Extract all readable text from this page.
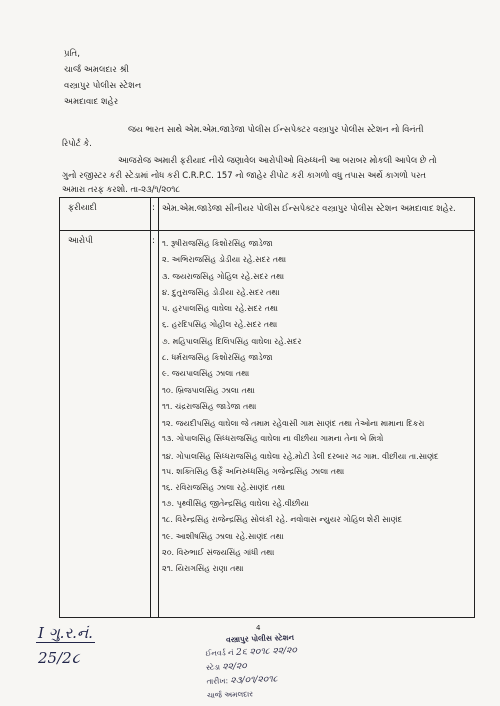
પ્રતિ,
ચાર્જ અમલદાર શ્રી
વસ્ત્રાપુર પોલીસ સ્ટેશન
અમદાવાદ શહેર
જય ભારત સાથે એમ.એમ.જાડેજા પોલીસ ઈન્સપેક્ટર વસ્ત્રાપુર પોલીસ સ્ટેશન નો વિનંતી
રિપોર્ટ કે.
આજરોજ અમારી ફરીયાદ નીચે જણાવેલ આરોપીઓ વિરુધ્ધની આ બરાબર મોકલી આપેલ છે તો
ગુનો રજીસ્ટર કરી સ્ટેડામાં નોધ કરી C.R.P.C. 157 નો જાહેર રીપોટ કરી કાગળો વધુ તપાસ અર્થે કાગળો પરત
અમારા તરફ કરશો. તા-૨૩/૧/૨૦૧૮
ફરીયાદી	: એમ.એમ.જાડેજા સીનીયર પોલીસ ઈન્સપેક્ટર વસ્ત્રાપુર પોલીસ સ્ટેશન અમદાવાદ શહેર.
આરોપી	: ૧. રૂષીરાજસિંહ કિશોરસિંહ જાડેજા
૨. અભિરાજસિંહ ડોડીયા રહે.સદર તથા
૩. જયરાજસિંહ ગોહિલ રહે.સદર તથા
૪. દુતુરાજસિંહ ડોડીયા રહે.સદર તથા
૫. હરપાલસિંહ વાઘેલા રહે.સદર તથા
૬. હરદિપસિંહ ગોહીલ રહે.સદર તથા
૭. મહિપાલસિંહ દિલિપસિંહ વાઘેલા રહે.સદર
૮. ધર્મરાજસિંહ કિશોરસિંહ જાડેજા
૯. જયપાલસિંહ ઝાલા તથા
૧૦. બ્રિજપાલસિંહ ઝાલા તથા
૧૧. ચંદ્રરાજસિંહ જાડેજા તથા
૧૨. જયદીપસિંહ વાઘેલા જે તમામ રહેવાસી ગામ સાણંદ તથા તેઓના મામાના દિકરા
૧૩. ગોપાલસિંહ સિધ્ધરાજસિંહ વાઘેલા ના વીછીયા ગામના તેના બે મિત્રો
૧૪. ગોપાલસિંહ સિધ્ધરાજસિંહ વાઘેલા રહે.મોટી ડેલી દરબાર ગઢ ગામ. વીછીયા તા.સાણંદ
૧૫. શક્તિસિંહ ઉર્ફે અનિરુધ્ધસિંહ ગજેન્દ્રસિંહ ઝાલા તથા
૧૬. રવિરાજસિંહ ઝાલા રહે.સાણંદ તથા
૧૭. પૃથ્વીસિંહ જીતેન્દ્રસિંહ વાઘેલા રહે.વીછીયા
૧૮. વિરેન્દ્રસિંહ રાજેન્દ્રસિંહ સોલંકી રહે. નવોવાસ ન્યુયર ગોહિલ શેરી સાણંદ
૧૯. આશીષસિંહ ઝાલા રહે.સાણંદ તથા
૨૦. વિરુભાઈ સંજયસિંહ ગાંધી તથા
૨૧. યિરાગસિંહ રાણા તથા
I ગુ.ર.નં.
25/2૮
4
વસ્ત્રાપુર પોલીસ સ્ટેશન
ઈનવર્ડ નં 2૬ ૨૦૧૮ ૨૨/૨૦
સ્ટેડા ૨૨/૨૦
તારીખ: ૨૩/૦૧/૨૦૧૮
ચાર્જ અમલદાર
